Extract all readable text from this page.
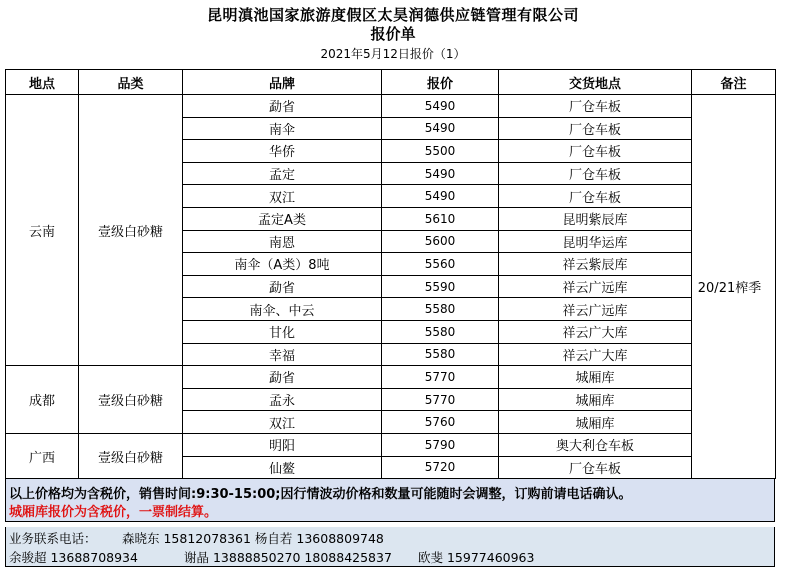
昆明滇池国家旅游度假区太昊润德供应链管理有限公司
报价单
2021年5月12日报价（1）
地点	品类	品牌	报价	交货地点	备注
云南	壹级白砂糖	勐省	5490	厂仓车板	20/21榨季
		南伞	5490	厂仓车板	
		华侨	5500	厂仓车板	
		孟定	5490	厂仓车板	
		双江	5490	厂仓车板	
		孟定A类	5610	昆明紫辰库	
		南恩	5600	昆明华运库	
		南伞（A类）8吨	5560	祥云紫辰库	
		勐省	5590	祥云广远库	
		南伞、中云	5580	祥云广远库	
		甘化	5580	祥云广大库	
		幸福	5580	祥云广大库	
成都	壹级白砂糖	勐省	5770	城厢库	
		孟永	5770	城厢库	
		双江	5760	城厢库	
广西	壹级白砂糖	明阳	5790	奥大利仓车板	
		仙鳌	5720	厂仓车板	
以上价格均为含税价，销售时间:9:30-15:00;因行情波动价格和数量可能随时会调整，订购前请电话确认。
城厢库报价为含税价，一票制结算。
业务联系电话： 森晓东 15812078361 杨自若 13608809748
余骏超 13688708934	谢晶 13888850270 18088425837 欧斐 15977460963
